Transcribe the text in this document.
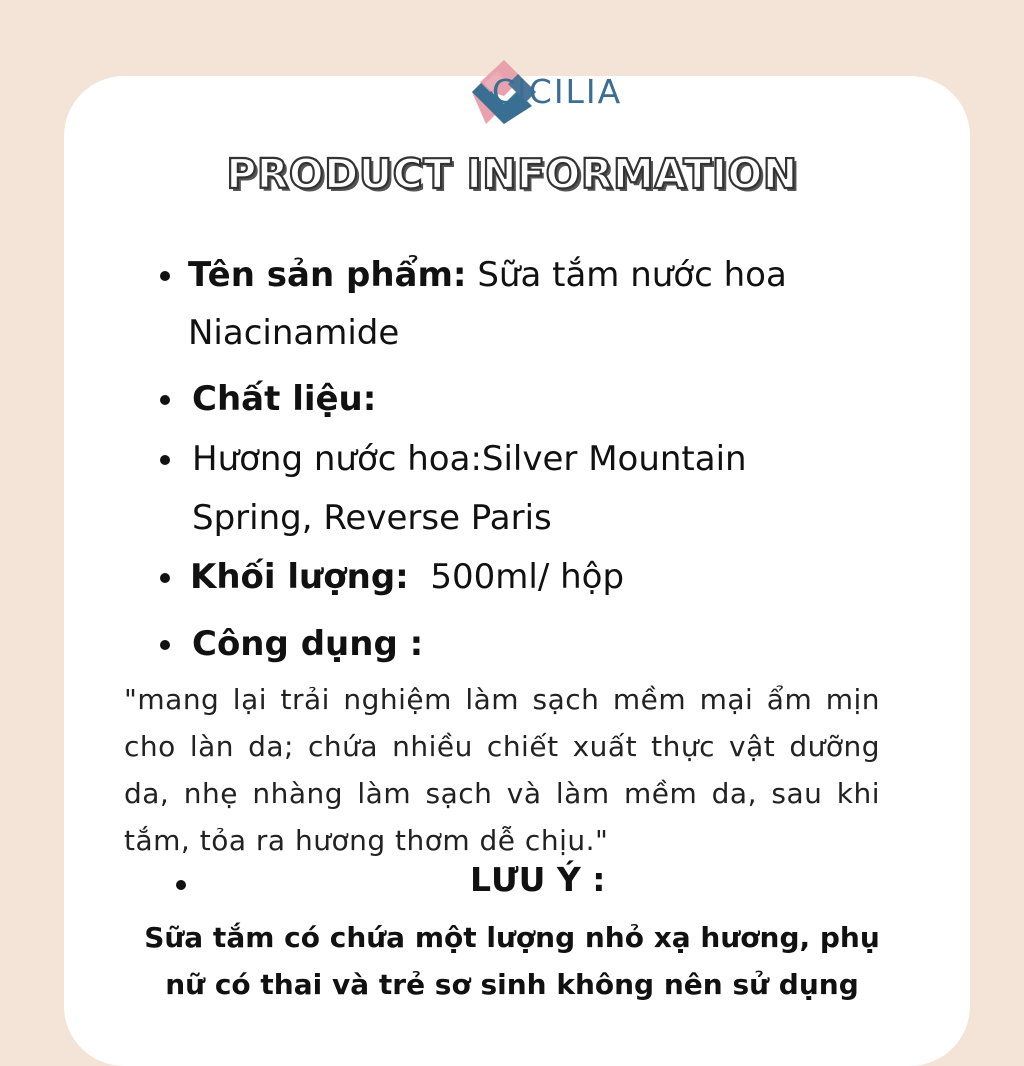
CICILIA
PRODUCT INFORMATION
Tên sản phẩm: Sữa tắm nước hoa
Niacinamide
Chất liệu:
Hương nước hoa:Silver Mountain
Spring, Reverse Paris
Khối lượng:  500ml/ hộp
Công dụng :
"mang lại trải nghiệm làm sạch mềm mại ẩm mịn cho làn da; chứa nhiều chiết xuất thực vật dưỡng da, nhẹ nhàng làm sạch và làm mềm da, sau khi tắm, tỏa ra hương thơm dễ chịu."
LƯU Ý :
Sữa tắm có chứa một lượng nhỏ xạ hương, phụ
nữ có thai và trẻ sơ sinh không nên sử dụng
